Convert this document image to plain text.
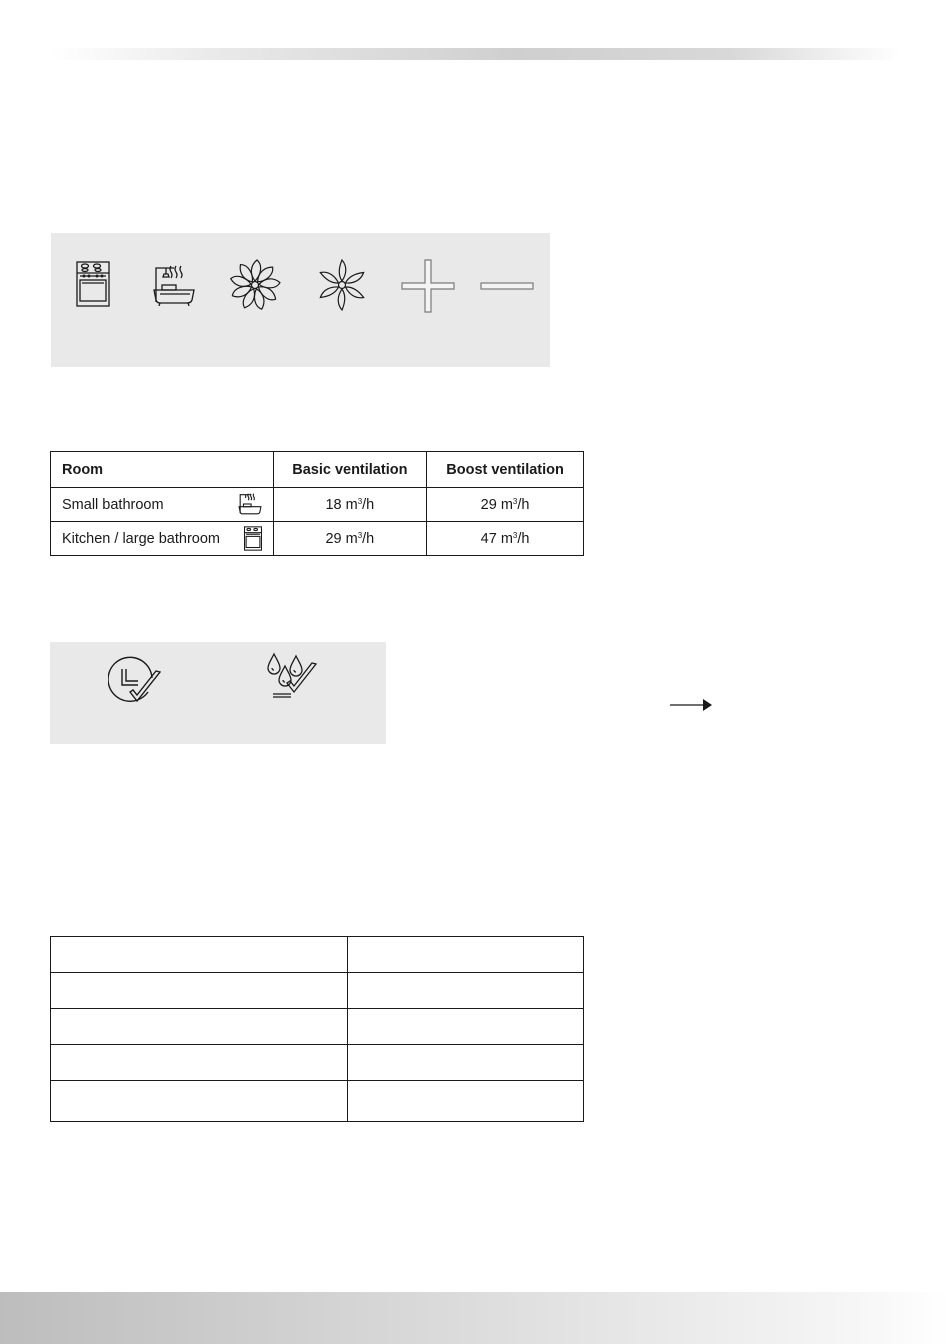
Room	Basic ventilation	Boost ventilation
Small bathroom	18 $m^3/h$	29 $m^3/h$
Kitchen / large bathroom	29 $m^3/h$	47 $m^3/h$
